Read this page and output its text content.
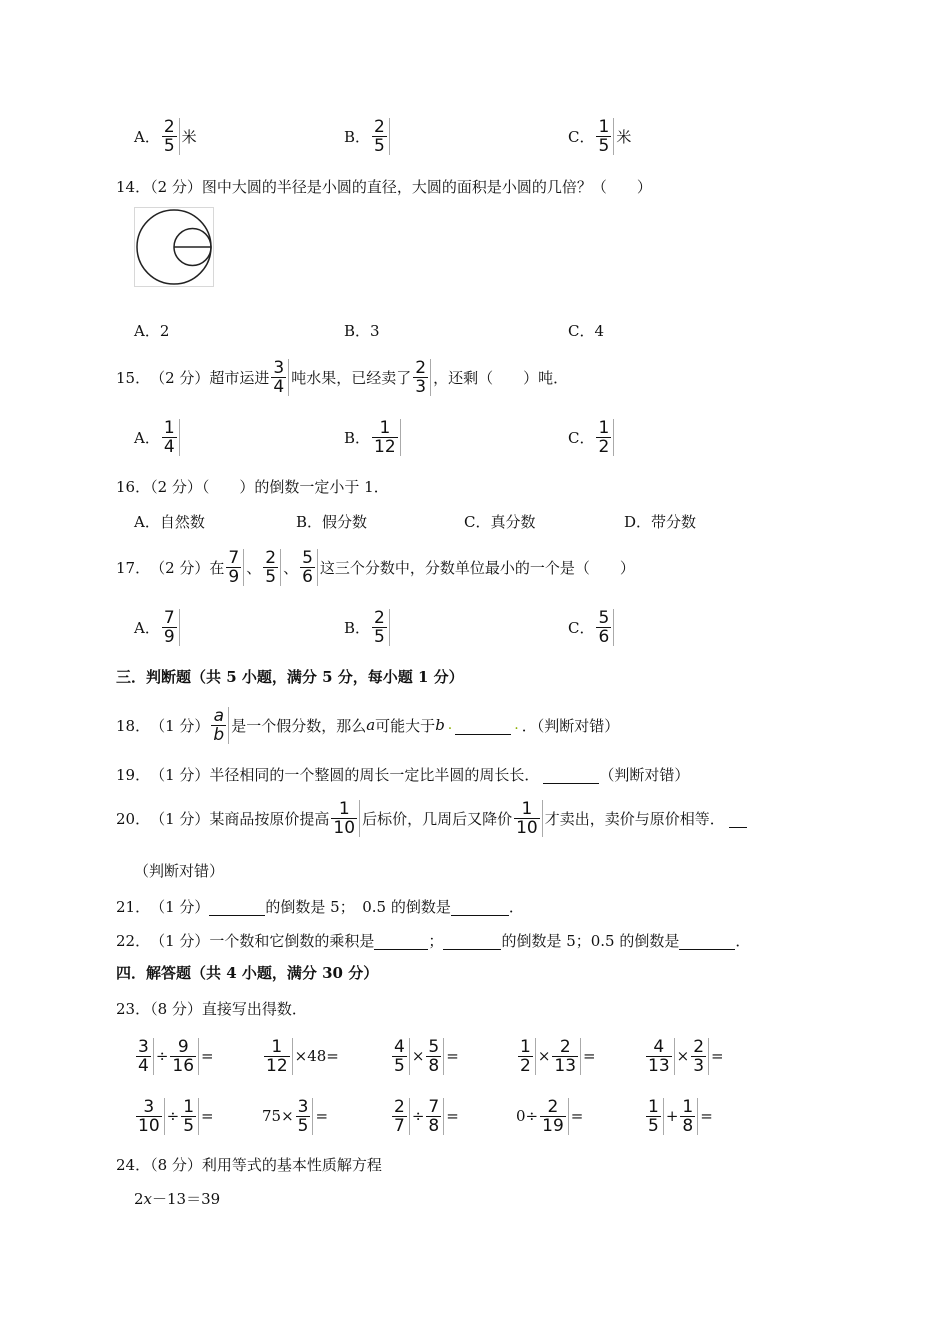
A． $\frac{2}{5}$ 米	B． $\frac{2}{5}$	C． $\frac{1}{5}$ 米
14．（2 分）图中大圆的半径是小圆的直径，大圆的面积是小圆的几倍？（　　）
A．2	B．3	C．4
15． （2 分）超市运进 $\frac{3}{4}$ 吨水果，已经卖了 $\frac{2}{3}$ ，还剩（　　）吨．
A． $\frac{1}{4}$	B． $\frac{1}{12}$	C． $\frac{1}{2}$
16．（2 分）（　　）的倒数一定小于 1．
A．自然数	B．假分数	C．真分数	D．带分数
17． （2 分）在 $\frac{7}{9}$ 、 $\frac{2}{5}$ 、 $\frac{5}{6}$ 这三个分数中，分数单位最小的一个是（　　）
A． $\frac{7}{9}$	B． $\frac{2}{5}$	C． $\frac{5}{6}$
三．判断题（共 5 小题，满分 5 分，每小题 1 分）
18． （1 分） $\frac{a}{b}$ 是一个假分数，那么 a 可能大于 b .
	. ．（判断对错）
19． （1 分）半径相同的一个整圆的周长一定比半圆的周长长．
	（判断对错）
20． （1 分）某商品按原价提高 $\frac{1}{10}$ 后标价，几周后又降价 $\frac{1}{10}$ 才卖出，卖价与原价相等．

（判断对错）
21． （1 分）
	的倒数是 5；　0.5 的倒数是
	．
22． （1 分）一个数和它倒数的乘积是
	；
	的倒数是 5；0.5 的倒数是
	．
四．解答题（共 4 小题，满分 30 分）
23．（8 分）直接写出得数．
$\frac{3}{4} \div \frac{9}{16}$ =	$\frac{1}{12} \times 48$ =	$\frac{4}{5} \times \frac{5}{8}$ =	$\frac{1}{2} \times \frac{2}{13}$ =	$\frac{4}{13} \times \frac{2}{3}$ =
$\frac{3}{10} \div \frac{1}{5}$ =	$75\times \frac{3}{5}$ =	$\frac{2}{7} \div \frac{7}{8}$ =	$0\div \frac{2}{19}$ =	$\frac{1}{5} + \frac{1}{8}$ =
24．（8 分）利用等式的基本性质解方程
2x－13＝39
